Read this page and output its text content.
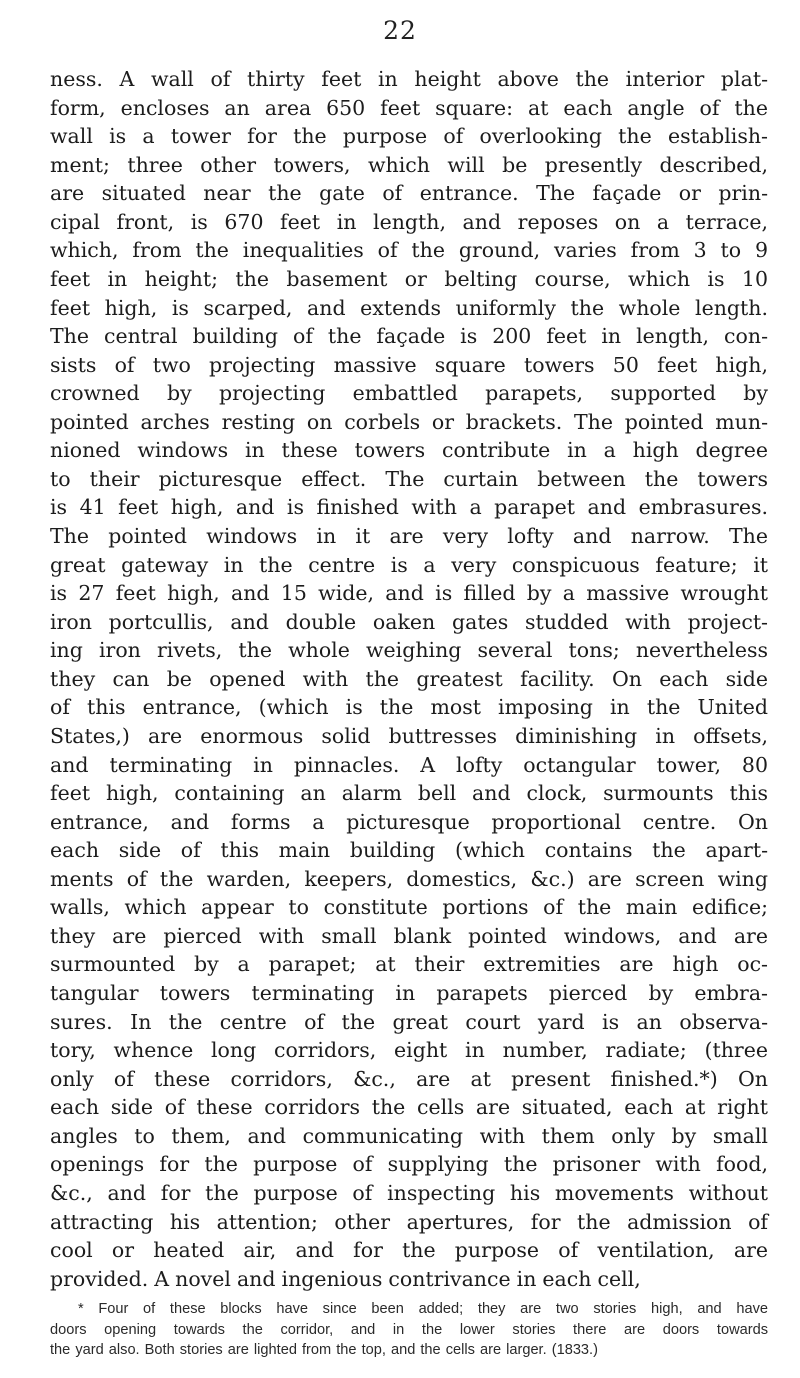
22
ness. A wall of thirty feet in height above the interior plat-
form, encloses an area 650 feet square: at each angle of the
wall is a tower for the purpose of overlooking the establish-
ment; three other towers, which will be presently described,
are situated near the gate of entrance. The façade or prin-
cipal front, is 670 feet in length, and reposes on a terrace,
which, from the inequalities of the ground, varies from 3 to 9
feet in height; the basement or belting course, which is 10
feet high, is scarped, and extends uniformly the whole length.
The central building of the façade is 200 feet in length, con-
sists of two projecting massive square towers 50 feet high,
crowned by projecting embattled parapets, supported by
pointed arches resting on corbels or brackets. The pointed mun-
nioned windows in these towers contribute in a high degree
to their picturesque effect. The curtain between the towers
is 41 feet high, and is finished with a parapet and embrasures.
The pointed windows in it are very lofty and narrow. The
great gateway in the centre is a very conspicuous feature; it
is 27 feet high, and 15 wide, and is filled by a massive wrought
iron portcullis, and double oaken gates studded with project-
ing iron rivets, the whole weighing several tons; nevertheless
they can be opened with the greatest facility. On each side
of this entrance, (which is the most imposing in the United
States,) are enormous solid buttresses diminishing in offsets,
and terminating in pinnacles. A lofty octangular tower, 80
feet high, containing an alarm bell and clock, surmounts this
entrance, and forms a picturesque proportional centre. On
each side of this main building (which contains the apart-
ments of the warden, keepers, domestics, &c.) are screen wing
walls, which appear to constitute portions of the main edifice;
they are pierced with small blank pointed windows, and are
surmounted by a parapet; at their extremities are high oc-
tangular towers terminating in parapets pierced by embra-
sures. In the centre of the great court yard is an observa-
tory, whence long corridors, eight in number, radiate; (three
only of these corridors, &c., are at present finished.*) On
each side of these corridors the cells are situated, each at right
angles to them, and communicating with them only by small
openings for the purpose of supplying the prisoner with food,
&c., and for the purpose of inspecting his movements without
attracting his attention; other apertures, for the admission of
cool or heated air, and for the purpose of ventilation, are
provided. A novel and ingenious contrivance in each cell,
* Four of these blocks have since been added; they are two stories high, and have
doors opening towards the corridor, and in the lower stories there are doors towards
the yard also. Both stories are lighted from the top, and the cells are larger. (1833.)
